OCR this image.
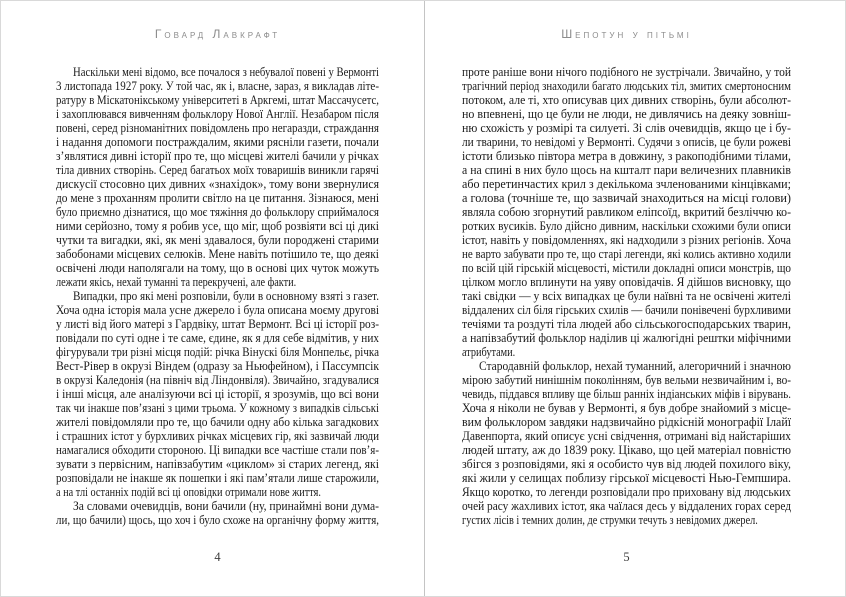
Говард Лавкрафт
Наскільки мені відомо, все почалося з небувалої повені у Вермонті
3 листопада 1927 року. У той час, як і, власне, зараз, я викладав літе-
ратуру в Міскатонікському університеті в Аркгемі, штат Массачусетс,
і захоплювався вивченням фольклору Нової Англії. Незабаром після
повені, серед різноманітних повідомлень про негаразди, страждання
і надання допомоги постраждалим, якими рясніли газети, почали
з’являтися дивні історії про те, що місцеві жителі бачили у річках
тіла дивних створінь. Серед багатьох моїх товаришів виникли гарячі
дискусії стосовно цих дивних «знахідок», тому вони звернулися
до мене з проханням пролити світло на це питання. Зізнаюся, мені
було приємно дізнатися, що моє тяжіння до фольклору сприймалося
ними серйозно, тому я робив усе, що міг, щоб розвіяти всі ці дикі
чутки та вигадки, які, як мені здавалося, були породжені старими
забобонами місцевих селюків. Мене навіть потішило те, що деякі
освічені люди наполягали на тому, що в основі цих чуток можуть
лежати якісь, нехай туманні та перекручені, але факти.
Випадки, про які мені розповіли, були в основному взяті з газет.
Хоча одна історія мала усне джерело і була описана моєму другові
у листі від його матері з Гардвіку, штат Вермонт. Всі ці історії роз-
повідали по суті одне і те саме, єдине, як я для себе відмітив, у них
фігурували три різні місця подій: річка Вінускі біля Монпельє, річка
Вест-Рівер в окрузі Віндем (одразу за Ньюфейном), і Пассумпсік
в окрузі Каледонія (на північ від Ліндонвіля). Звичайно, згадувалися
і інші місця, але аналізуючи всі ці історії, я зрозумів, що всі вони
так чи інакше пов’язані з цими трьома. У кожному з випадків сільські
жителі повідомляли про те, що бачили одну або кілька загадкових
і страшних істот у бурхливих річках місцевих гір, які зазвичай люди
намагалися обходити стороною. Ці випадки все частіше стали пов’я-
зувати з первісним, напівзабутим «циклом» зі старих легенд, які
розповідали не інакше як пошепки і які пам’ятали лише старожили,
а на тлі останніх подій всі ці оповідки отримали нове життя.
За словами очевидців, вони бачили (ну, принаймні вони дума-
ли, що бачили) щось, що хоч і було схоже на органічну форму життя,
4
Шепотун у пітьмі
проте раніше вони нічого подібного не зустрічали. Звичайно, у той
трагічний період знаходили багато людських тіл, змитих смертоносним
потоком, але ті, хто описував цих дивних створінь, були абсолют-
но впевнені, що це були не люди, не дивлячись на деяку зовніш-
ню схожість у розмірі та силуеті. Зі слів очевидців, якщо це і бу-
ли тварини, то невідомі у Вермонті. Судячи з описів, це були рожеві
істоти близько півтора метра в довжину, з ракоподібними тілами,
а на спині в них було щось на кшталт пари величезних плавників
або перетинчастих крил з декількома зчленованими кінцівками;
а голова (точніше те, що зазвичай знаходиться на місці голови)
являла собою згорнутий равликом еліпсоїд, вкритий безліччю ко-
ротких вусиків. Було дійсно дивним, наскільки схожими були описи
істот, навіть у повідомленнях, які надходили з різних регіонів. Хоча
не варто забувати про те, що старі легенди, які колись активно ходили
по всій цій гірській місцевості, містили докладні описи монстрів, що
цілком могло вплинути на уяву оповідачів. Я дійшов висновку, що
такі свідки — у всіх випадках це були наївні та не освічені жителі
віддалених сіл біля гірських схилів — бачили понівечені бурхливими
течіями та роздуті тіла людей або сільськогосподарських тварин,
а напівзабутий фольклор наділив ці жалюгідні рештки міфічними
атрибутами.
Стародавній фольклор, нехай туманний, алегоричний і значною
мірою забутий нинішнім поколінням, був вельми незвичайним і, во-
чевидь, піддався впливу ще більш ранніх індіанських міфів і вірувань.
Хоча я ніколи не бував у Вермонті, я був добре знайомий з місце-
вим фольклором завдяки надзвичайно рідкісній монографії Ілайї
Давенпорта, який описує усні свідчення, отримані від найстаріших
людей штату, аж до 1839 року. Цікаво, що цей матеріал повністю
збігся з розповідями, які я особисто чув від людей похилого віку,
які жили у селищах поблизу гірської місцевості Нью-Гемпшира.
Якщо коротко, то легенди розповідали про приховану від людських
очей расу жахливих істот, яка чаїлася десь у віддалених горах серед
густих лісів і темних долин, де струмки течуть з невідомих джерел.
5
